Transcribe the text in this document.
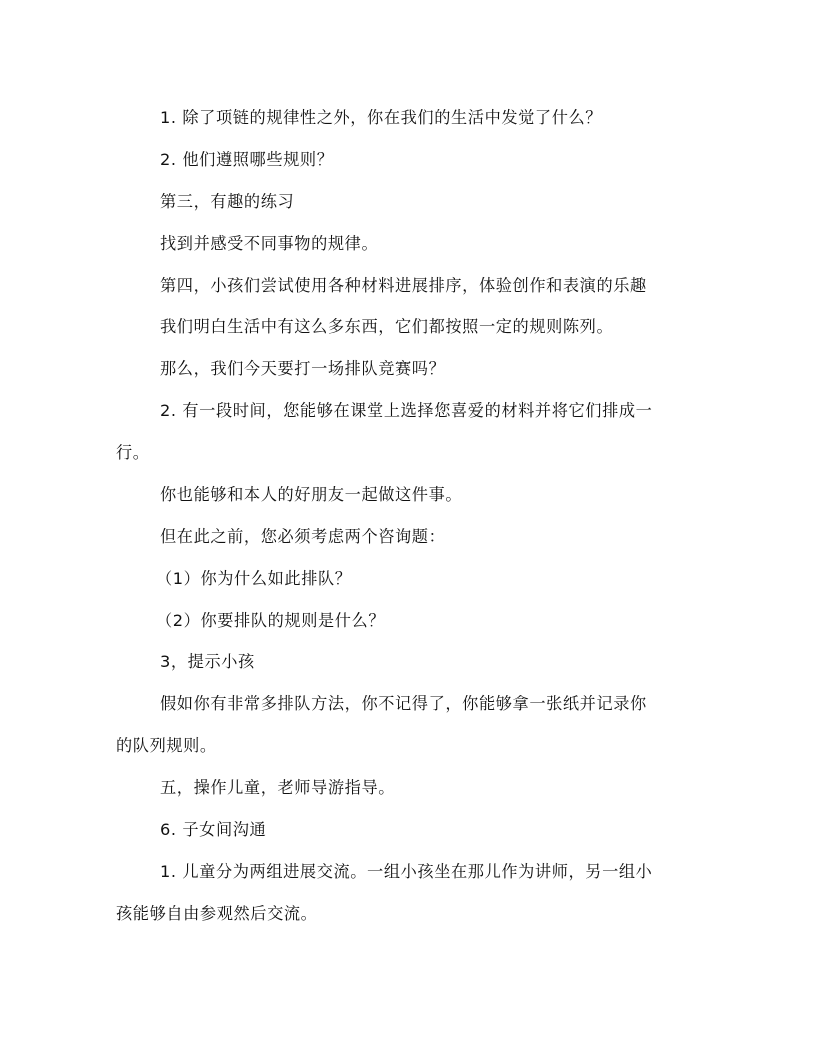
1. 除了项链的规律性之外，你在我们的生活中发觉了什么？
2. 他们遵照哪些规则？
第三，有趣的练习
找到并感受不同事物的规律。
第四，小孩们尝试使用各种材料进展排序，体验创作和表演的乐趣
我们明白生活中有这么多东西，它们都按照一定的规则陈列。
那么，我们今天要打一场排队竞赛吗？
2. 有一段时间，您能够在课堂上选择您喜爱的材料并将它们排成一
行。
你也能够和本人的好朋友一起做这件事。
但在此之前，您必须考虑两个咨询题：
（1）你为什么如此排队？
（2）你要排队的规则是什么？
3，提示小孩
假如你有非常多排队方法，你不记得了，你能够拿一张纸并记录你
的队列规则。
五，操作儿童，老师导游指导。
6. 子女间沟通
1. 儿童分为两组进展交流。一组小孩坐在那儿作为讲师，另一组小
孩能够自由参观然后交流。
